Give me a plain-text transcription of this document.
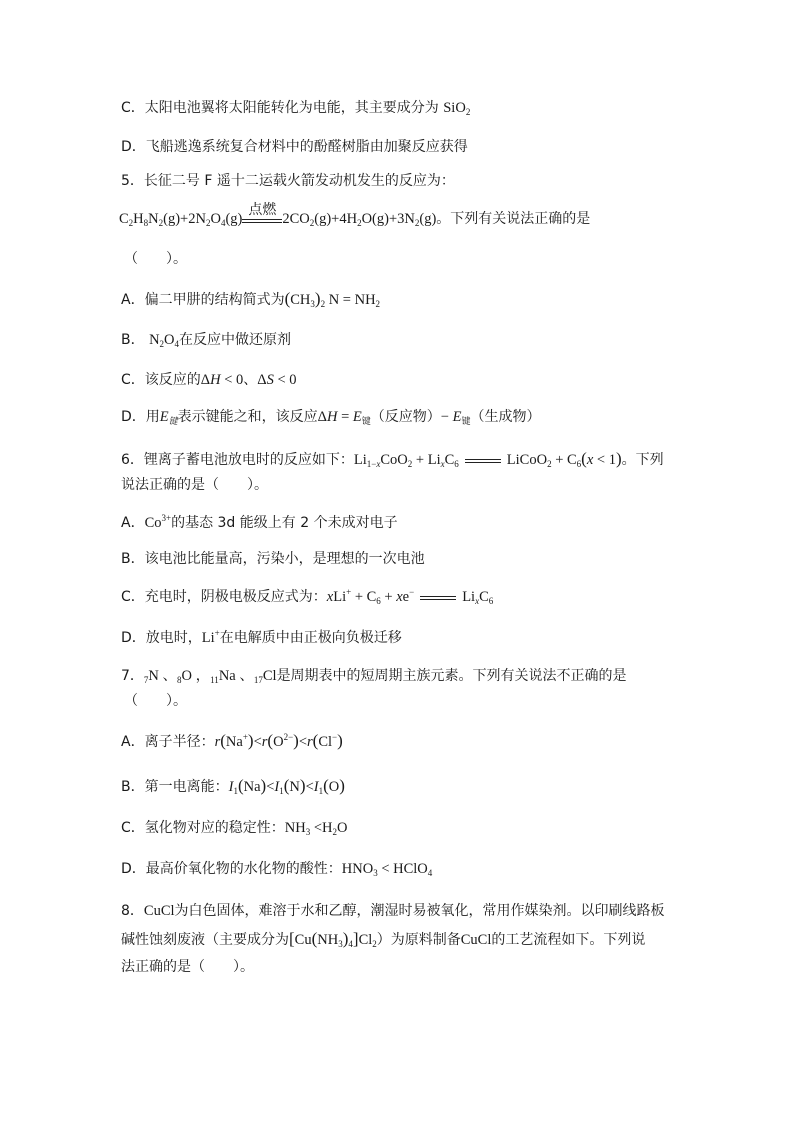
C．太阳电池翼将太阳能转化为电能，其主要成分为 SiO$_2$
D．飞船逃逸系统复合材料中的酚醛树脂由加聚反应获得
5．长征二号 F 遥十二运载火箭发动机发生的反应为：
$C_2H_8N_2(g)+2N_2O_4(g)$
点燃
$2CO_2(g)+4H_2O(g)+3N_2(g)$。下列有关说法正确的是
（　　）。
A．偏二甲肼的结构简式为$(CH_3)_2$ $N = NH_2$
B． $N_2O_4$在反应中做还原剂
C．该反应的ΔH < 0、ΔS < 0
D．用$E_键$表示键能之和，该反应$\Delta H = E_键$（反应物）− $E_键$（生成物）
6．锂离子蓄电池放电时的反应如下：$Li_{1-x}CoO_2 + Li_xC_6$	LiCoO$_2$ + $C_6(x < 1)$。下列
说法正确的是（　　）。
A．$Co^{3+}$的基态 3d 能级上有 2 个未成对电子
B．该电池比能量高，污染小，是理想的一次电池
C．充电时，阴极电极反应式为：$xLi^+ + C_6 + xe^-$	$Li_xC_6$
D．放电时，Li+在电解质中由正极向负极迁移
7．$_7$N 、$_8$O ，$_{11}$Na 、$_{17}$Cl是周期表中的短周期主族元素。下列有关说法不正确的是
（　　）。
A．离子半径：$r(Na^+)<r(O^{2-})<r(Cl^-)$
B．第一电离能：$I_1(Na)<I_1(N)<I_1(O)$
C．氢化物对应的稳定性：$NH_3 <H_2O$
D．最高价氧化物的水化物的酸性：$HNO_3$ < HClO$_4$
8．CuCl为白色固体，难溶于水和乙醇，潮湿时易被氧化，常用作媒染剂。以印刷线路板
碱性蚀刻废液（主要成分为$[Cu(NH_3)_4]Cl_2$）为原料制备CuCl的工艺流程如下。下列说
法正确的是（　　）。
